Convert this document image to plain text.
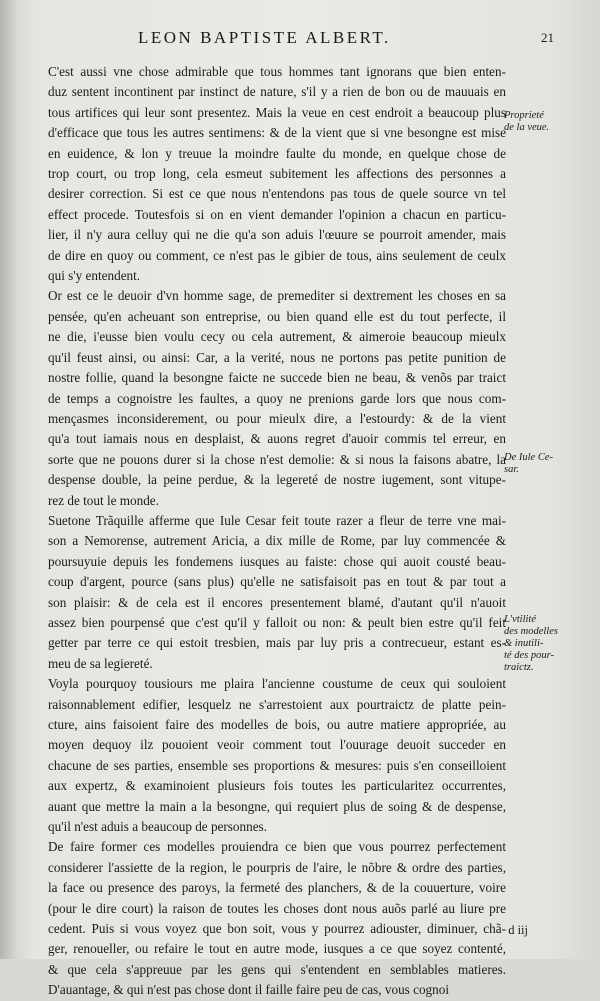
LEON BAPTISTE ALBERT.	21
C'est aussi vne chose admirable que tous hommes tant ignorans que bien enten-
duz sentent incontinent par instinct de nature, s'il y a rien de bon ou de mauuais en
tous artifices qui leur sont presentez. Mais la veue en cest endroit a beaucoup plus
d'efficace que tous les autres sentimens: & de la vient que si vne besongne est mise
en euidence, & lon y treuue la moindre faulte du monde, en quelque chose de
trop court, ou trop long, cela esmeut subitement les affections des personnes a
desirer correction. Si est ce que nous n'entendons pas tous de quele source vn tel
effect procede. Toutesfois si on en vient demander l'opinion a chacun en particu-
lier, il n'y aura celluy qui ne die qu'a son aduis l'œuure se pourroit amender, mais
de dire en quoy ou comment, ce n'est pas le gibier de tous, ains seulement de ceulx
qui s'y entendent.
Or est ce le deuoir d'vn homme sage, de premediter si dextrement les choses en sa
pensée, qu'en acheuant son entreprise, ou bien quand elle est du tout perfecte, il
ne die, i'eusse bien voulu cecy ou cela autrement, & aimeroie beaucoup mieulx
qu'il feust ainsi, ou ainsi: Car, a la verité, nous ne portons pas petite punition de
nostre follie, quand la besongne faicte ne succede bien ne beau, & venõs par traict
de temps a cognoistre les faultes, a quoy ne prenions garde lors que nous com-
mençasmes inconsiderement, ou pour mieulx dire, a l'estourdy: & de la vient
qu'a tout iamais nous en desplaist, & auons regret d'auoir commis tel erreur, en
sorte que ne pouons durer si la chose n'est demolie: & si nous la faisons abatre, la
despense double, la peine perdue, & la legereté de nostre iugement, sont vitupe-
rez de tout le monde.
Suetone Trãquille afferme que Iule Cesar feit toute razer a fleur de terre vne mai-
son a Nemorense, autrement Aricia, a dix mille de Rome, par luy commencée &
poursuyuie depuis les fondemens iusques au faiste: chose qui auoit cousté beau-
coup d'argent, pource (sans plus) qu'elle ne satisfaisoit pas en tout & par tout a
son plaisir: & de cela est il encores presentement blamé, d'autant qu'il n'auoit
assez bien pourpensé que c'est qu'il y falloit ou non: & peult bien estre qu'il feit
getter par terre ce qui estoit tresbien, mais par luy pris a contrecueur, estant es-
meu de sa legiereté.
Voyla pourquoy tousiours me plaira l'ancienne coustume de ceux qui souloient
raisonnablement edifier, lesquelz ne s'arrestoient aux pourtraictz de platte pein-
cture, ains faisoient faire des modelles de bois, ou autre matiere appropriée, au
moyen dequoy ilz pouoient veoir comment tout l'ouurage deuoit succeder en
chacune de ses parties, ensemble ses proportions & mesures: puis s'en conseilloient
aux expertz, & examinoient plusieurs fois toutes les particularitez occurrentes,
auant que mettre la main a la besongne, qui requiert plus de soing & de despense,
qu'il n'est aduis a beaucoup de personnes.
De faire former ces modelles prouiendra ce bien que vous pourrez perfectement
considerer l'assiette de la region, le pourpris de l'aire, le nõbre & ordre des parties,
la face ou presence des paroys, la fermeté des planchers, & de la couuerture, voire
(pour le dire court) la raison de toutes les choses dont nous auõs parlé au liure pre
cedent. Puis si vous voyez que bon soit, vous y pourrez adiouster, diminuer, chã-
ger, renoueller, ou refaire le tout en autre mode, iusques a ce que soyez contenté,
& que cela s'appreuue par les gens qui s'entendent en semblables matieres.
D'auantage, & qui n'est pas chose dont il faille faire peu de cas, vous cognoi
Proprieté
de la veue.
De Iule Ce-
sar.
L'vtilité
des modelles
& inutili-
té des pour-
traictz.
d iij
